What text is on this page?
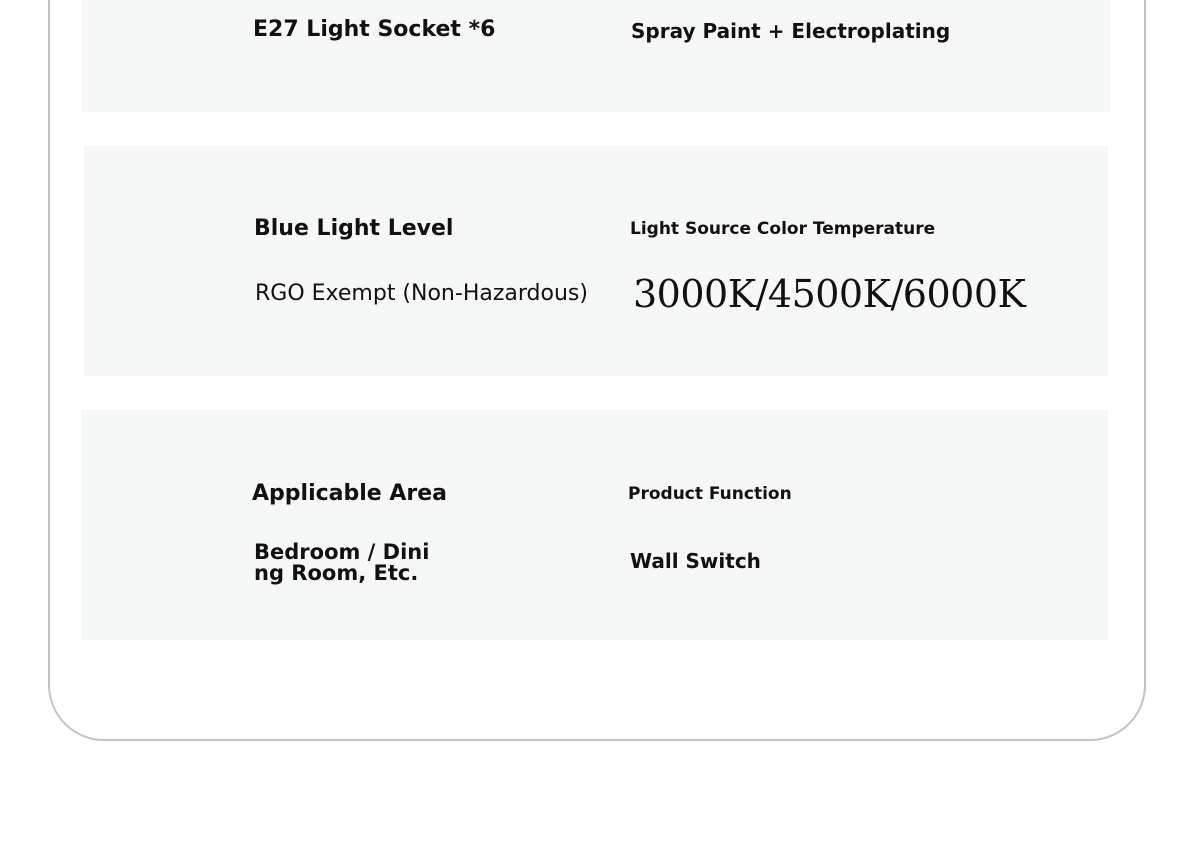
E27 Light Socket *6	Spray Paint + Electroplating
Blue Light Level
RGO Exempt (Non-Hazardous)
Light Source Color Temperature
3000K/4500K/6000K
Applicable Area
Bedroom / Dini
ng Room, Etc.
Product Function
Wall Switch
